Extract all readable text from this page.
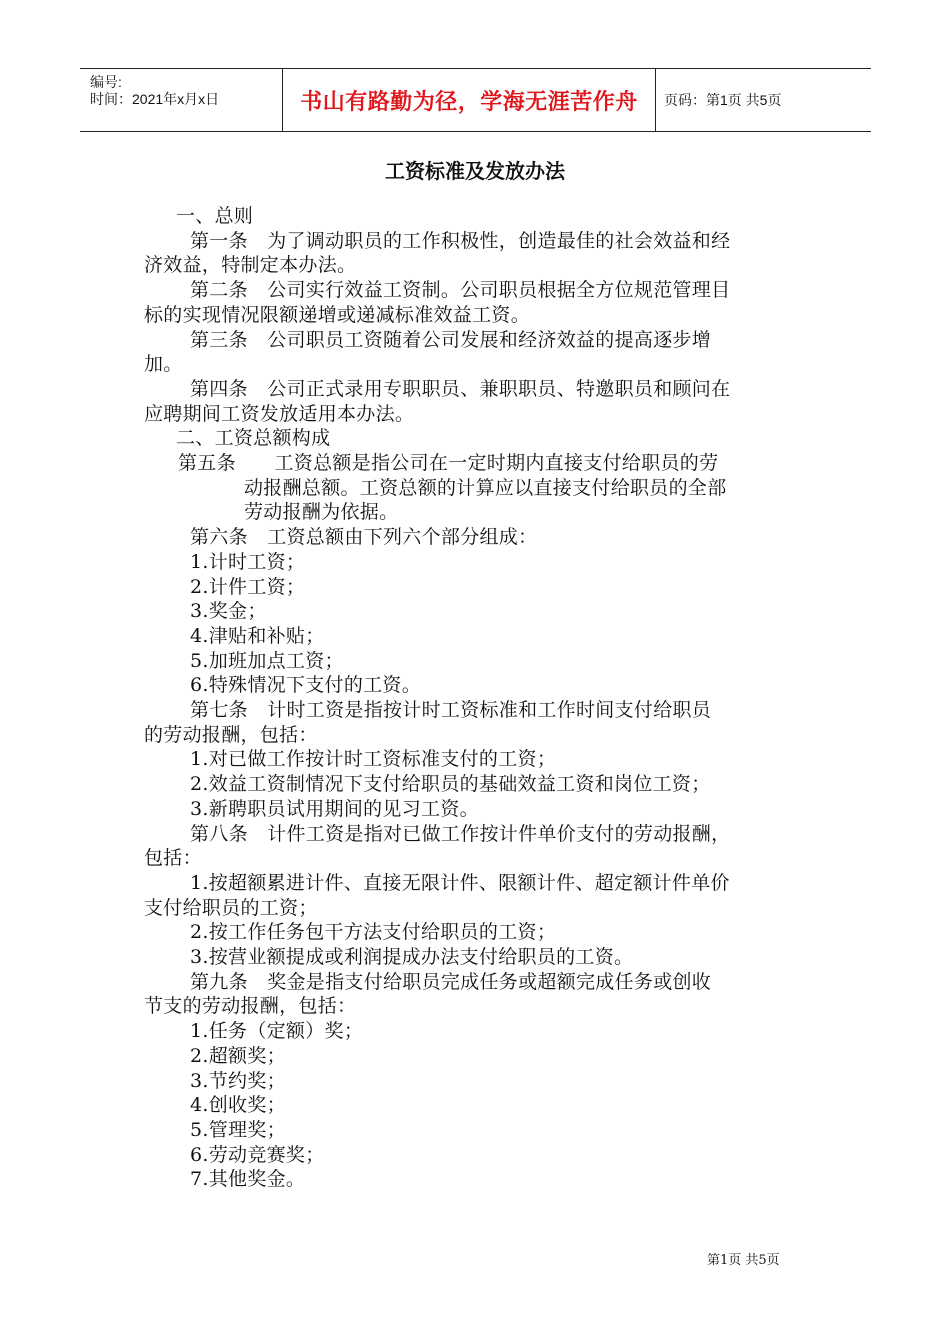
编号:
时间：2021年x月x日	书山有路勤为径，学海无涯苦作舟 页码：第1页 共5页
工资标准及发放办法
一、总则
第一条　为了调动职员的工作积极性，创造最佳的社会效益和经
济效益，特制定本办法。
第二条　公司实行效益工资制。公司职员根据全方位规范管理目
标的实现情况限额递增或递减标准效益工资。
第三条　公司职员工资随着公司发展和经济效益的提高逐步增
加。
第四条　公司正式录用专职职员、兼职职员、特邀职员和顾问在
应聘期间工资发放适用本办法。
二、工资总额构成
第五条　　工资总额是指公司在一定时期内直接支付给职员的劳
动报酬总额。工资总额的计算应以直接支付给职员的全部
劳动报酬为依据。
第六条　工资总额由下列六个部分组成：
1.计时工资；
2.计件工资；
3.奖金；
4.津贴和补贴；
5.加班加点工资；
6.特殊情况下支付的工资。
第七条　计时工资是指按计时工资标准和工作时间支付给职员
的劳动报酬，包括：
1.对已做工作按计时工资标准支付的工资；
2.效益工资制情况下支付给职员的基础效益工资和岗位工资；
3.新聘职员试用期间的见习工资。
第八条　计件工资是指对已做工作按计件单价支付的劳动报酬，
包括：
1.按超额累进计件、直接无限计件、限额计件、超定额计件单价
支付给职员的工资；
2.按工作任务包干方法支付给职员的工资；
3.按营业额提成或利润提成办法支付给职员的工资。
第九条　奖金是指支付给职员完成任务或超额完成任务或创收
节支的劳动报酬，包括：
1.任务（定额）奖；
2.超额奖；
3.节约奖；
4.创收奖；
5.管理奖；
6.劳动竞赛奖；
7.其他奖金。
第1页 共5页
